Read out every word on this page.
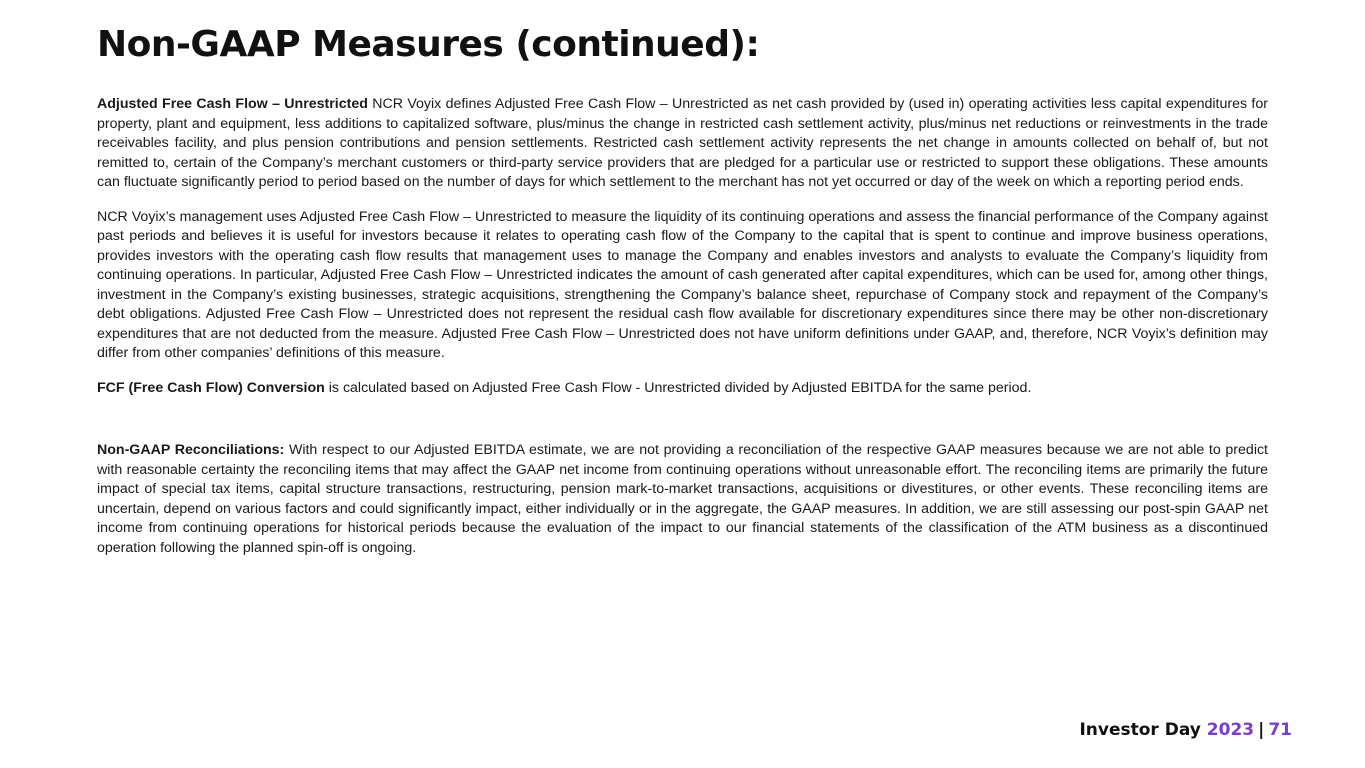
Non-GAAP Measures (continued):

Adjusted Free Cash Flow – Unrestricted NCR Voyix defines Adjusted Free Cash Flow – Unrestricted as net cash provided by (used in) operating activities less capital expenditures for property, plant and equipment, less additions to capitalized software, plus/minus the change in restricted cash settlement activity, plus/minus net reductions or reinvestments in the trade receivables facility, and plus pension contributions and pension settlements. Restricted cash settlement activity represents the net change in amounts collected on behalf of, but not remitted to, certain of the Company’s merchant customers or third-party service providers that are pledged for a particular use or restricted to support these obligations. These amounts can fluctuate significantly period to period based on the number of days for which settlement to the merchant has not yet occurred or day of the week on which a reporting period ends.

NCR Voyix’s management uses Adjusted Free Cash Flow – Unrestricted to measure the liquidity of its continuing operations and assess the financial performance of the Company against past periods and believes it is useful for investors because it relates to operating cash flow of the Company to the capital that is spent to continue and improve business operations, provides investors with the operating cash flow results that management uses to manage the Company and enables investors and analysts to evaluate the Company’s liquidity from continuing operations. In particular, Adjusted Free Cash Flow – Unrestricted indicates the amount of cash generated after capital expenditures, which can be used for, among other things, investment in the Company’s existing businesses, strategic acquisitions, strengthening the Company’s balance sheet, repurchase of Company stock and repayment of the Company’s debt obligations. Adjusted Free Cash Flow – Unrestricted does not represent the residual cash flow available for discretionary expenditures since there may be other non-discretionary expenditures that are not deducted from the measure. Adjusted Free Cash Flow – Unrestricted does not have uniform definitions under GAAP, and, therefore, NCR Voyix’s definition may differ from other companies’ definitions of this measure.

FCF (Free Cash Flow) Conversion is calculated based on Adjusted Free Cash Flow - Unrestricted divided by Adjusted EBITDA for the same period.

Non-GAAP Reconciliations: With respect to our Adjusted EBITDA estimate, we are not providing a reconciliation of the respective GAAP measures because we are not able to predict with reasonable certainty the reconciling items that may affect the GAAP net income from continuing operations without unreasonable effort. The reconciling items are primarily the future impact of special tax items, capital structure transactions, restructuring, pension mark-to-market transactions, acquisitions or divestitures, or other events. These reconciling items are uncertain, depend on various factors and could significantly impact, either individually or in the aggregate, the GAAP measures. In addition, we are still assessing our post-spin GAAP net income from continuing operations for historical periods because the evaluation of the impact to our financial statements of the classification of the ATM business as a discontinued operation following the planned spin-off is ongoing.

Investor Day 2023 | 71
